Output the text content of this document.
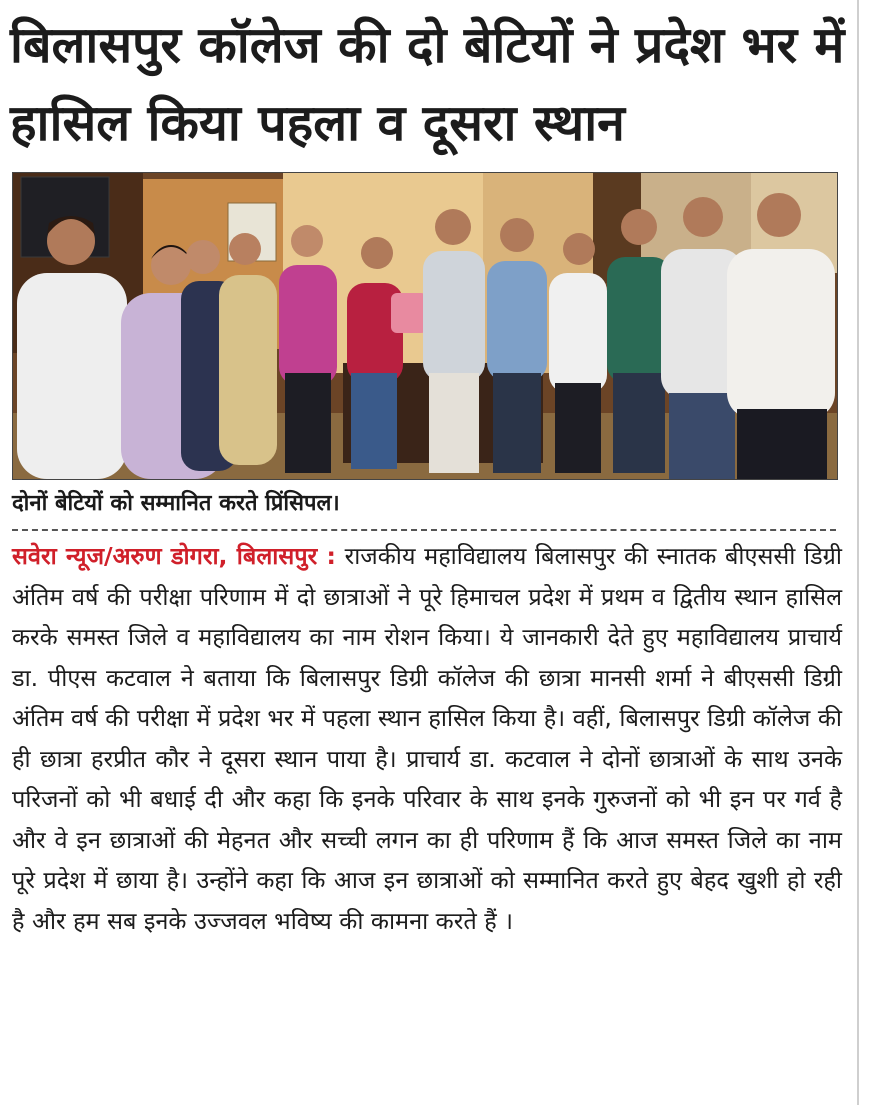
बिलासपुर कॉलेज की दो बेटियों ने प्रदेश भर में हासिल किया पहला व दूसरा स्थान
दोनों बेटियों को सम्मानित करते प्रिंसिपल।
सवेरा न्यूज/अरुण डोगरा, बिलासपुर : राजकीय महाविद्यालय बिलासपुर की स्नातक बीएससी डिग्री अंतिम वर्ष की परीक्षा परिणाम में दो छात्राओं ने पूरे हिमाचल प्रदेश में प्रथम व द्वितीय स्थान हासिल करके समस्त जिले व महाविद्यालय का नाम रोशन किया। ये जानकारी देते हुए महाविद्यालय प्राचार्य डा. पीएस कटवाल ने बताया कि बिलासपुर डिग्री कॉलेज की छात्रा मानसी शर्मा ने बीएससी डिग्री अंतिम वर्ष की परीक्षा में प्रदेश भर में पहला स्थान हासिल किया है। वहीं, बिलासपुर डिग्री कॉलेज की ही छात्रा हरप्रीत कौर ने दूसरा स्थान पाया है। प्राचार्य डा. कटवाल ने दोनों छात्राओं के साथ उनके परिजनों को भी बधाई दी और कहा कि इनके परिवार के साथ इनके गुरुजनों को भी इन पर गर्व है और वे इन छात्राओं की मेहनत और सच्ची लगन का ही परिणाम हैं कि आज समस्त जिले का नाम पूरे प्रदेश में छाया है। उन्होंने कहा कि आज इन छात्राओं को सम्मानित करते हुए बेहद खुशी हो रही है और हम सब इनके उज्जवल भविष्य की कामना करते हैं ।
